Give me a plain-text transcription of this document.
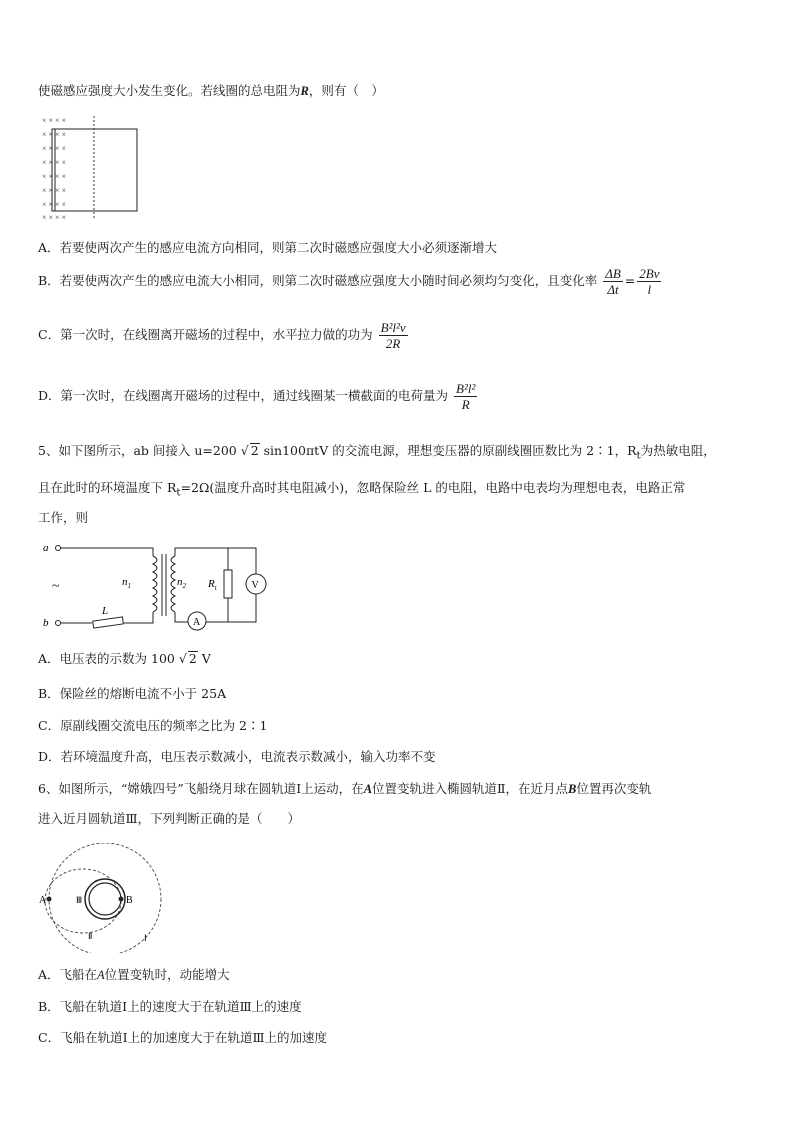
使磁感应强度大小发生变化。若线圈的总电阻为R，则有（　）
× × × ×
× × × ×
× × × ×
× × × ×
× × × ×
× × × ×
× × × ×
× × × ×
A．若要使两次产生的感应电流方向相同，则第二次时磁感应强度大小必须逐渐增大
B．若要使两次产生的感应电流大小相同，则第二次时磁感应强度大小随时间必须均匀变化，且变化率 $\frac{\Delta B}{\Delta t} = \frac{2Bv}{l}$
C．第一次时，在线圈离开磁场的过程中，水平拉力做的功为 $\frac{\text{B²l²v}}{2R}$
D．第一次时，在线圈离开磁场的过程中，通过线圈某一横截面的电荷量为 $\frac{\text{B²l²}}{R}$
5、如下图所示，ab 间接入 u=200 √ 2 sin100πtV 的交流电源，理想变压器的原副线圈匝数比为 2∶1，$R_t$为热敏电阻，
且在此时的环境温度下 $R_t=2\Omega$(温度升高时其电阻减小)，忽略保险丝 L 的电阻，电路中电表均为理想电表，电路正常
工作，则
a
b
~	$n_1$	$n_2$ $R_t$	V
A
L
A．电压表的示数为 100 √ 2 V
B．保险丝的熔断电流不小于 25A
C．原副线圈交流电压的频率之比为 2∶1
D．若环境温度升高，电压表示数减小，电流表示数减小，输入功率不变
6、如图所示，“嫦娥四号”飞船绕月球在圆轨道Ⅰ上运动，在A位置变轨进入椭圆轨道Ⅱ，在近月点B位置再次变轨
进入近月圆轨道Ⅲ，下列判断正确的是（　　）
A	B
Ⅲ
Ⅱ	Ⅰ
A．飞船在A位置变轨时，动能增大
B．飞船在轨道Ⅰ上的速度大于在轨道Ⅲ上的速度
C．飞船在轨道Ⅰ上的加速度大于在轨道Ⅲ上的加速度
